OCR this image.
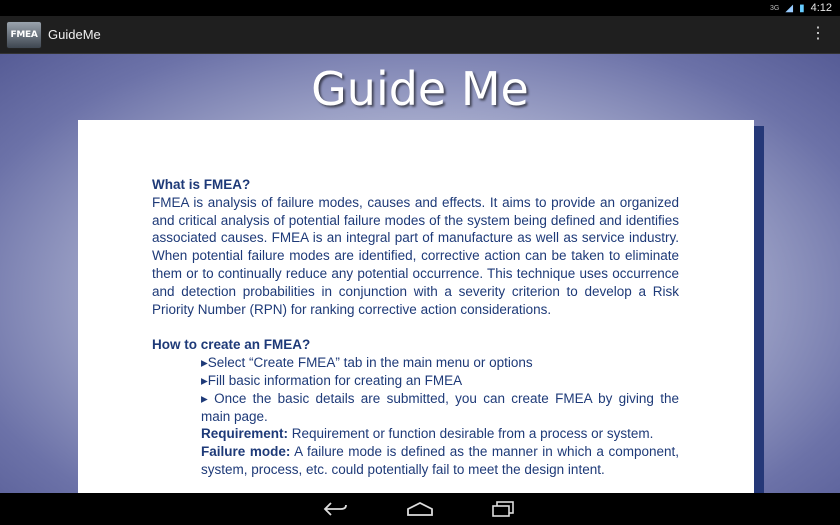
3G ◢ ▮ 4:12
FMEA GuideMe	⋮
Guide Me

What is FMEA?

FMEA is analysis of failure modes, causes and effects. It aims to provide an organized and critical analysis of potential failure modes of the system being defined and identifies associated causes. FMEA is an integral part of manufacture as well as service industry. When potential failure modes are identified, corrective action can be taken to eliminate them or to continually reduce any potential occurrence. This technique uses occurrence and detection probabilities in conjunction with a severity criterion to develop a Risk Priority Number (RPN) for ranking corrective action considerations.

How to create an FMEA?

▸Select “Create FMEA” tab in the main menu or options

▸Fill basic information for creating an FMEA

▸ Once the basic details are submitted, you can create FMEA by giving the main page.

Requirement: Requirement or function desirable from a process or system.

Failure mode: A failure mode is defined as the manner in which a component, system, process, etc. could potentially fail to meet the design intent.
